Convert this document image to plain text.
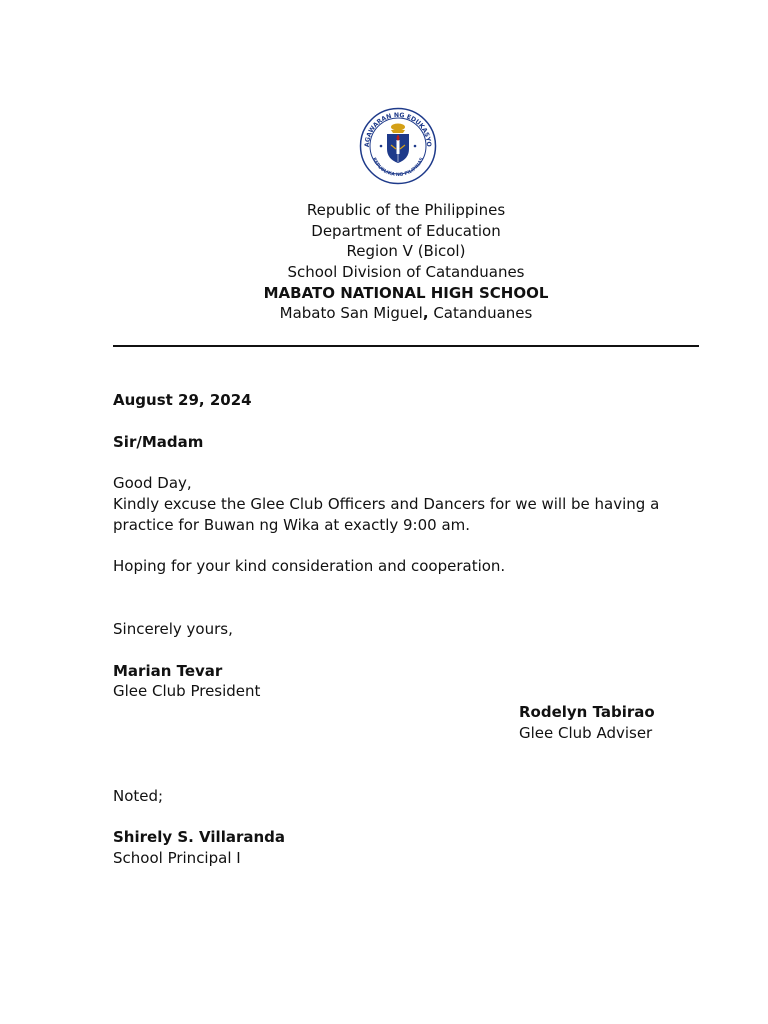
AGAWARAN NG EDUKASYO
REPUBLIKA NG PILIPINAS
Republic of the Philippines
Department of Education
Region V (Bicol)
School Division of Catanduanes
MABATO NATIONAL HIGH SCHOOL
Mabato San Miguel, Catanduanes
August 29, 2024
Sir/Madam
Good Day,
Kindly excuse the Glee Club Officers and Dancers for we will be having a
practice for Buwan ng Wika at exactly 9:00 am.
Hoping for your kind consideration and cooperation.
Sincerely yours,
Marian Tevar
Glee Club President
Rodelyn Tabirao
Glee Club Adviser
Noted;
Shirely S. Villaranda
School Principal I
